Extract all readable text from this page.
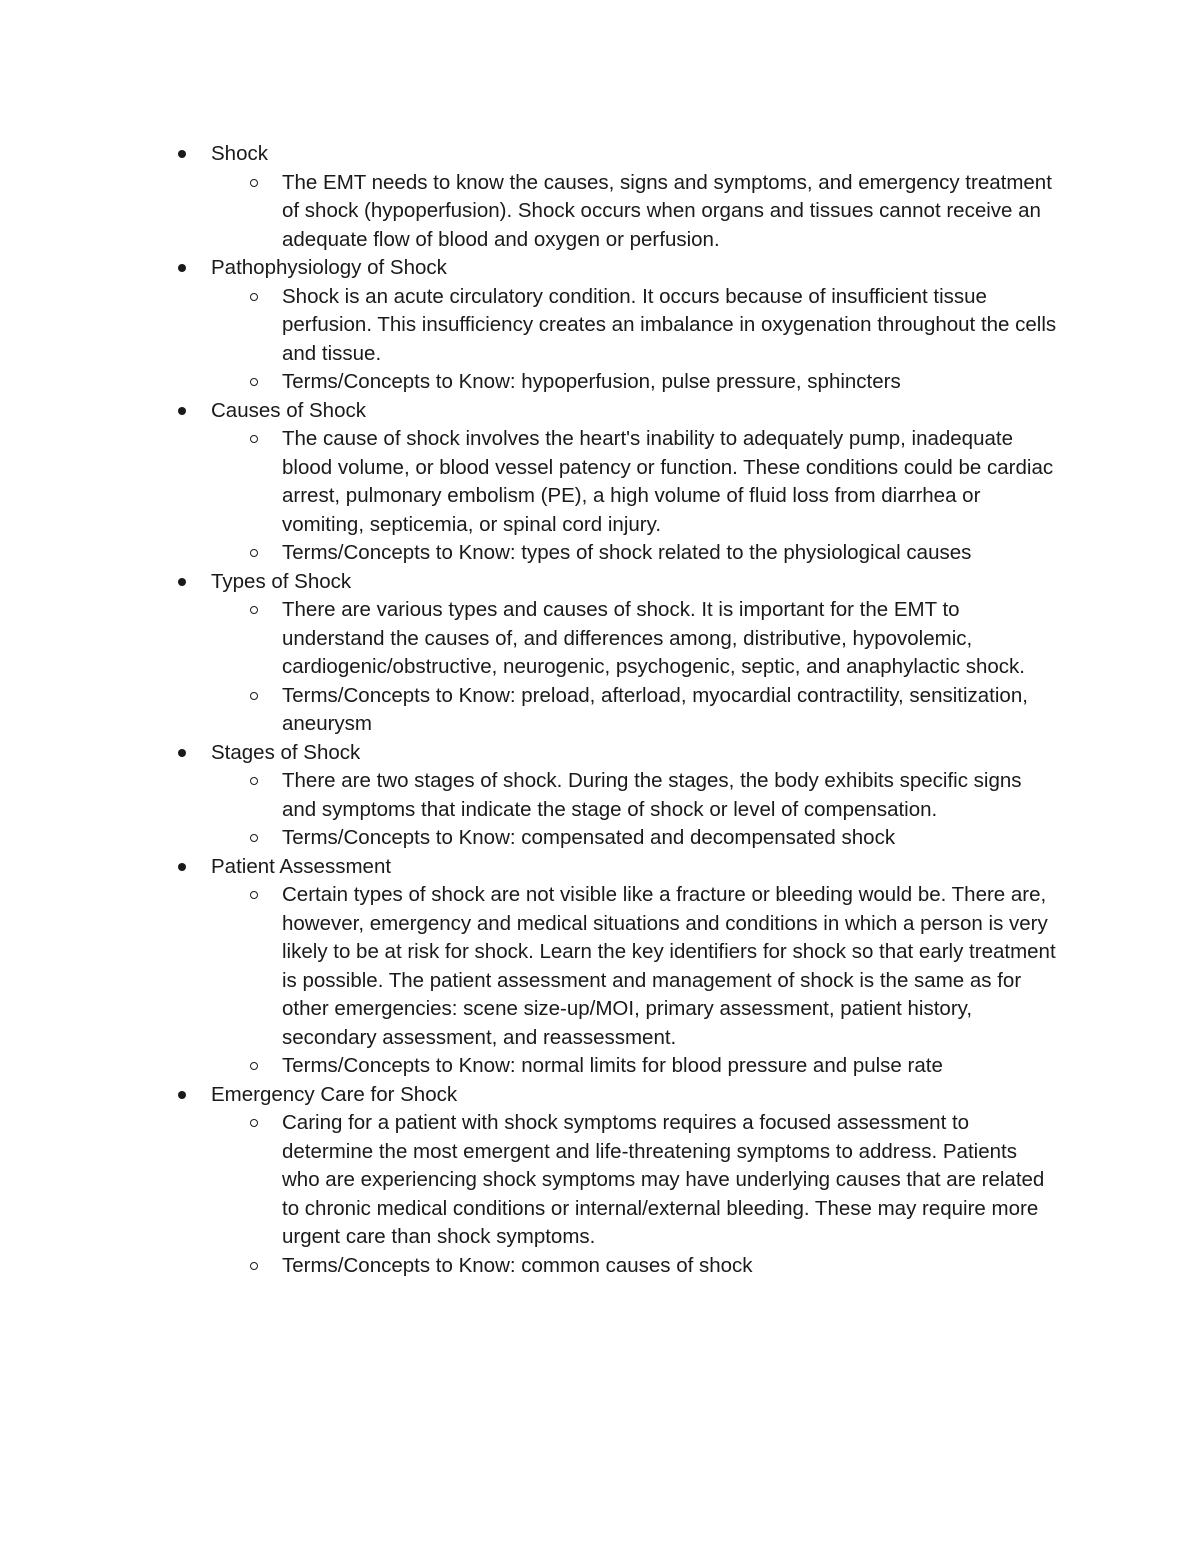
Shock
The EMT needs to know the causes, signs and symptoms, and emergency treatment of shock (hypoperfusion). Shock occurs when organs and tissues cannot receive an adequate flow of blood and oxygen or perfusion.
Pathophysiology of Shock
Shock is an acute circulatory condition. It occurs because of insufficient tissue perfusion. This insufficiency creates an imbalance in oxygenation throughout the cells and tissue.
Terms/Concepts to Know: hypoperfusion, pulse pressure, sphincters
Causes of Shock
The cause of shock involves the heart's inability to adequately pump, inadequate blood volume, or blood vessel patency or function. These conditions could be cardiac arrest, pulmonary embolism (PE), a high volume of fluid loss from diarrhea or vomiting, septicemia, or spinal cord injury.
Terms/Concepts to Know: types of shock related to the physiological causes
Types of Shock
There are various types and causes of shock. It is important for the EMT to understand the causes of, and differences among, distributive, hypovolemic, cardiogenic/obstructive, neurogenic, psychogenic, septic, and anaphylactic shock.
Terms/Concepts to Know: preload, afterload, myocardial contractility, sensitization, aneurysm
Stages of Shock
There are two stages of shock. During the stages, the body exhibits specific signs and symptoms that indicate the stage of shock or level of compensation.
Terms/Concepts to Know: compensated and decompensated shock
Patient Assessment
Certain types of shock are not visible like a fracture or bleeding would be. There are, however, emergency and medical situations and conditions in which a person is very likely to be at risk for shock. Learn the key identifiers for shock so that early treatment is possible. The patient assessment and management of shock is the same as for other emergencies: scene size-up/MOI, primary assessment, patient history, secondary assessment, and reassessment.
Terms/Concepts to Know: normal limits for blood pressure and pulse rate
Emergency Care for Shock
Caring for a patient with shock symptoms requires a focused assessment to determine the most emergent and life-threatening symptoms to address. Patients who are experiencing shock symptoms may have underlying causes that are related to chronic medical conditions or internal/external bleeding. These may require more urgent care than shock symptoms.
Terms/Concepts to Know: common causes of shock
